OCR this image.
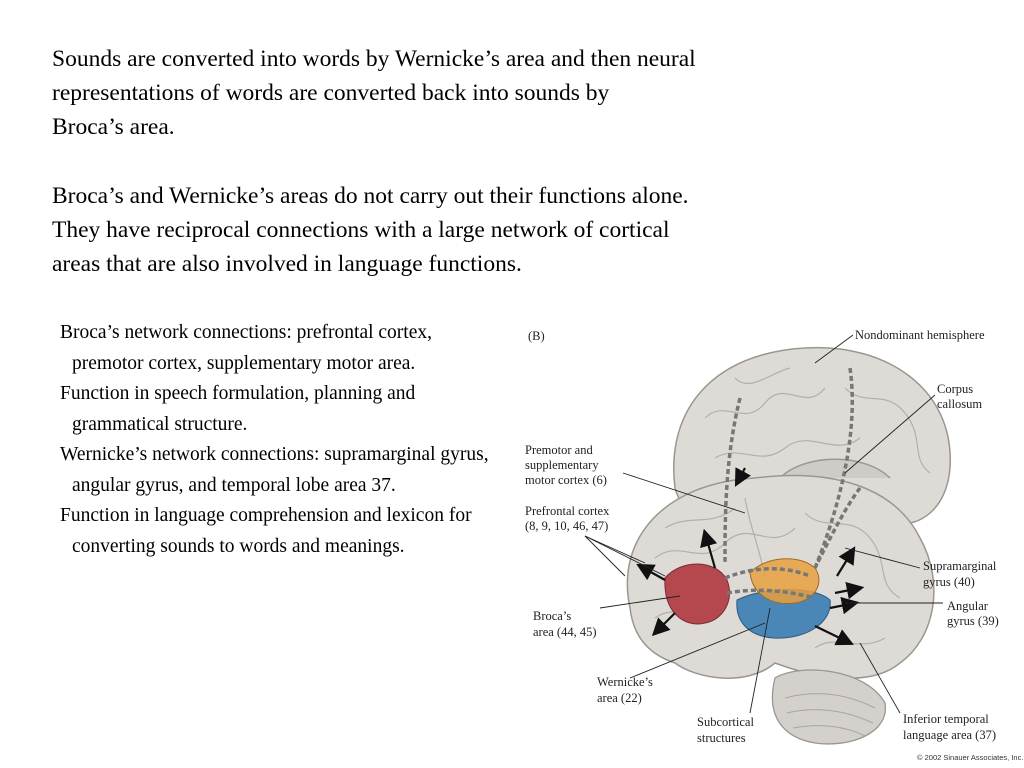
Sounds are converted into words by Wernicke’s area and then neural

representations of words are converted back into sounds by

Broca’s area.

Broca’s and Wernicke’s areas do not carry out their functions alone.

They have reciprocal connections with a large network of cortical

areas that are also involved in language functions.

Broca’s network connections: prefrontal cortex, premotor cortex, supplementary motor area.

Function in speech formulation, planning and grammatical structure.

Wernicke’s network connections: supramarginal gyrus, angular gyrus, and temporal lobe area 37.

Function in language comprehension and lexicon for converting sounds to words and meanings.

(B)	Nondominant hemisphere
Corpus
callosum
Premotor and
supplementary
motor cortex (6)
Prefrontal cortex
(8, 9, 10, 46, 47)
Supramarginal
gyrus (40)
Angular
gyrus (39)
Broca’s
area (44, 45)
Wernicke’s
area (22)
Subcortical
structures
Inferior temporal
language area (37)
© 2002 Sinauer Associates, Inc.
